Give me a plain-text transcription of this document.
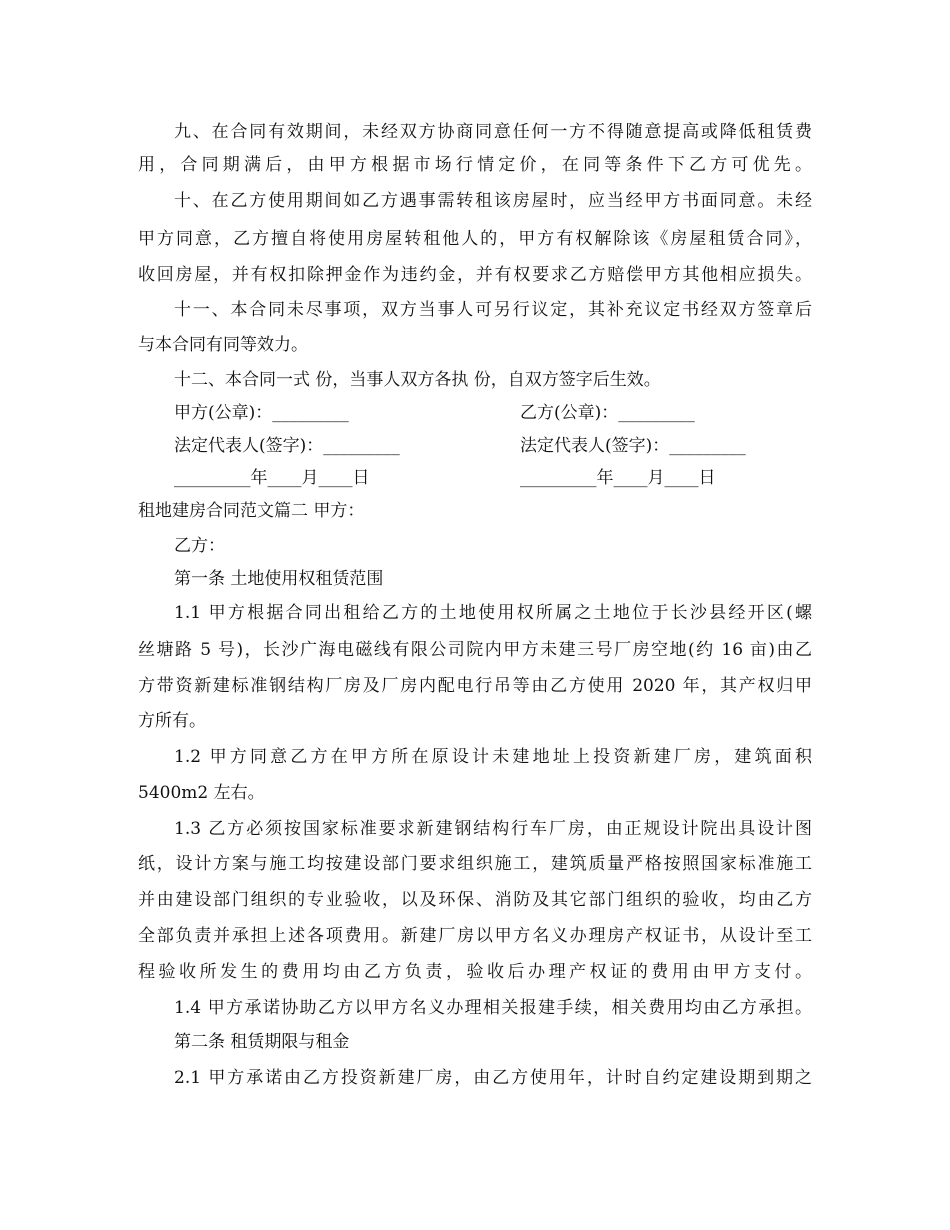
九、在合同有效期间，未经双方协商同意任何一方不得随意提高或降低租赁费
用，合同期满后，由甲方根据市场行情定价，在同等条件下乙方可优先。
十、在乙方使用期间如乙方遇事需转租该房屋时，应当经甲方书面同意。未经
甲方同意，乙方擅自将使用房屋转租他人的，甲方有权解除该《房屋租赁合同》，
收回房屋，并有权扣除押金作为违约金，并有权要求乙方赔偿甲方其他相应损失。
十一、本合同未尽事项，双方当事人可另行议定，其补充议定书经双方签章后
与本合同有同等效力。
十二、本合同一式 份，当事人双方各执 份，自双方签字后生效。
甲方(公章)：_________	乙方(公章)：_________
法定代表人(签字)：_________	法定代表人(签字)：_________
_________年____月____日	_________年____月____日
租地建房合同范文篇二 甲方：
乙方：
第一条 土地使用权租赁范围
1.1 甲方根据合同出租给乙方的土地使用权所属之土地位于长沙县经开区(螺
丝塘路 5 号)，长沙广海电磁线有限公司院内甲方未建三号厂房空地(约 16 亩)由乙
方带资新建标准钢结构厂房及厂房内配电行吊等由乙方使用 2020 年，其产权归甲
方所有。
1.2 甲方同意乙方在甲方所在原设计未建地址上投资新建厂房，建筑面积
5400m2 左右。
1.3 乙方必须按国家标准要求新建钢结构行车厂房，由正规设计院出具设计图
纸，设计方案与施工均按建设部门要求组织施工，建筑质量严格按照国家标准施工
并由建设部门组织的专业验收，以及环保、消防及其它部门组织的验收，均由乙方
全部负责并承担上述各项费用。新建厂房以甲方名义办理房产权证书，从设计至工
程验收所发生的费用均由乙方负责，验收后办理产权证的费用由甲方支付。
1.4 甲方承诺协助乙方以甲方名义办理相关报建手续，相关费用均由乙方承担。
第二条 租赁期限与租金
2.1 甲方承诺由乙方投资新建厂房，由乙方使用年，计时自约定建设期到期之
